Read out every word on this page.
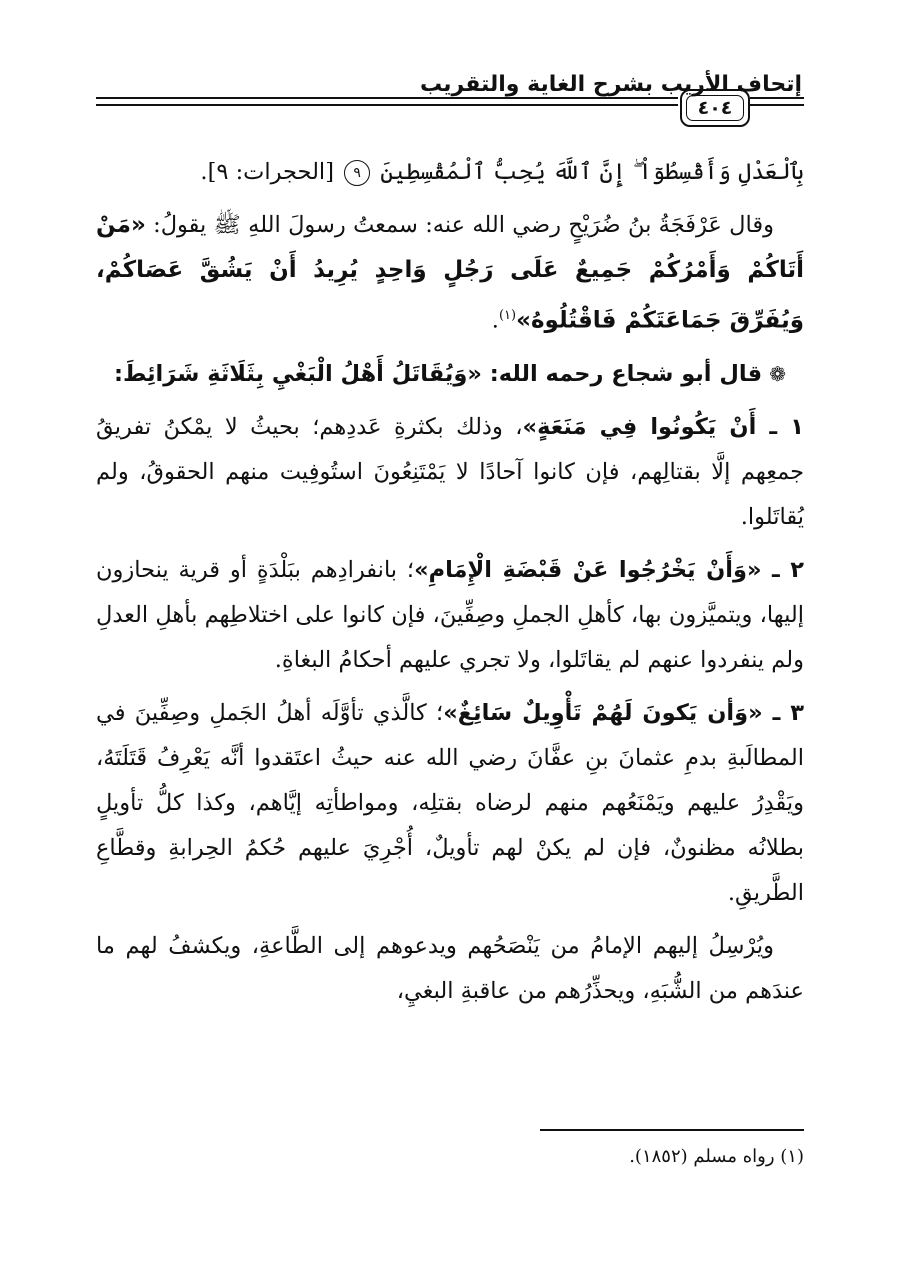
إتحاف الأريب بشرح الغاية والتقريب
٤٠٤

بِٱلْعَدْلِ وَأَقْسِطُوٓاْ ۖ إِنَّ ٱللَّهَ يُحِبُّ ٱلْمُقْسِطِينَ ٩ [الحجرات: ٩].

وقال عَرْفَجَةُ بنُ ضُرَيْحٍ رضي الله عنه: سمعتُ رسولَ اللهِ ﷺ يقولُ: «مَنْ أَتَاكُمْ وَأَمْرُكُمْ جَمِيعٌ عَلَى رَجُلٍ وَاحِدٍ يُرِيدُ أَنْ يَشُقَّ عَصَاكُمْ، وَيُفَرِّقَ جَمَاعَتَكُمْ فَاقْتُلُوهُ»$^{(١)}$.

❁ قال أبو شجاع رحمه الله: «وَيُقَاتَلُ أَهْلُ الْبَغْيِ بِثَلَاثَةِ شَرَائِطَ:

١ ـ أَنْ يَكُونُوا فِي مَنَعَةٍ»، وذلك بكثرةِ عَددِهم؛ بحيثُ لا يمْكنُ تفريقُ جمعِهم إلَّا بقتالِهم، فإن كانوا آحادًا لا يَمْتَنِعُونَ استُوفِيت منهم الحقوقُ، ولم يُقاتَلوا.

٢ ـ «وَأَنْ يَخْرُجُوا عَنْ قَبْضَةِ الْإِمَامِ»؛ بانفرادِهم ببَلْدَةٍ أو قرية ينحازون إليها، ويتميَّزون بها، كأهلِ الجملِ وصِفِّينَ، فإن كانوا على اختلاطِهم بأهلِ العدلِ ولم ينفردوا عنهم لم يقاتَلوا، ولا تجري عليهم أحكامُ البغاةِ.

٣ ـ «وَأن يَكونَ لَهُمْ تَأْوِيلٌ سَائِغٌ»؛ كالَّذي تأوَّلَه أهلُ الجَملِ وصِفِّينَ في المطالَبةِ بدمِ عثمانَ بنِ عفَّانَ رضي الله عنه حيثُ اعتَقدوا أنَّه يَعْرِفُ قَتَلَتَهُ، ويَقْدِرُ عليهم ويَمْنَعُهم منهم لرضاه بقتلِه، ومواطأتِه إيَّاهم، وكذا كلُّ تأويلٍ بطلانُه مظنونٌ، فإن لم يكنْ لهم تأويلٌ، أُجْرِيَ عليهم حُكمُ الحِرابةِ وقطَّاعِ الطَّريقِ.

ويُرْسِلُ إليهم الإمامُ من يَنْصَحُهم ويدعوهم إلى الطَّاعةِ، ويكشفُ لهم ما عندَهم من الشُّبَهِ، ويحذِّرُهم من عاقبةِ البغيِ،

(١) رواه مسلم (١٨٥٢).
